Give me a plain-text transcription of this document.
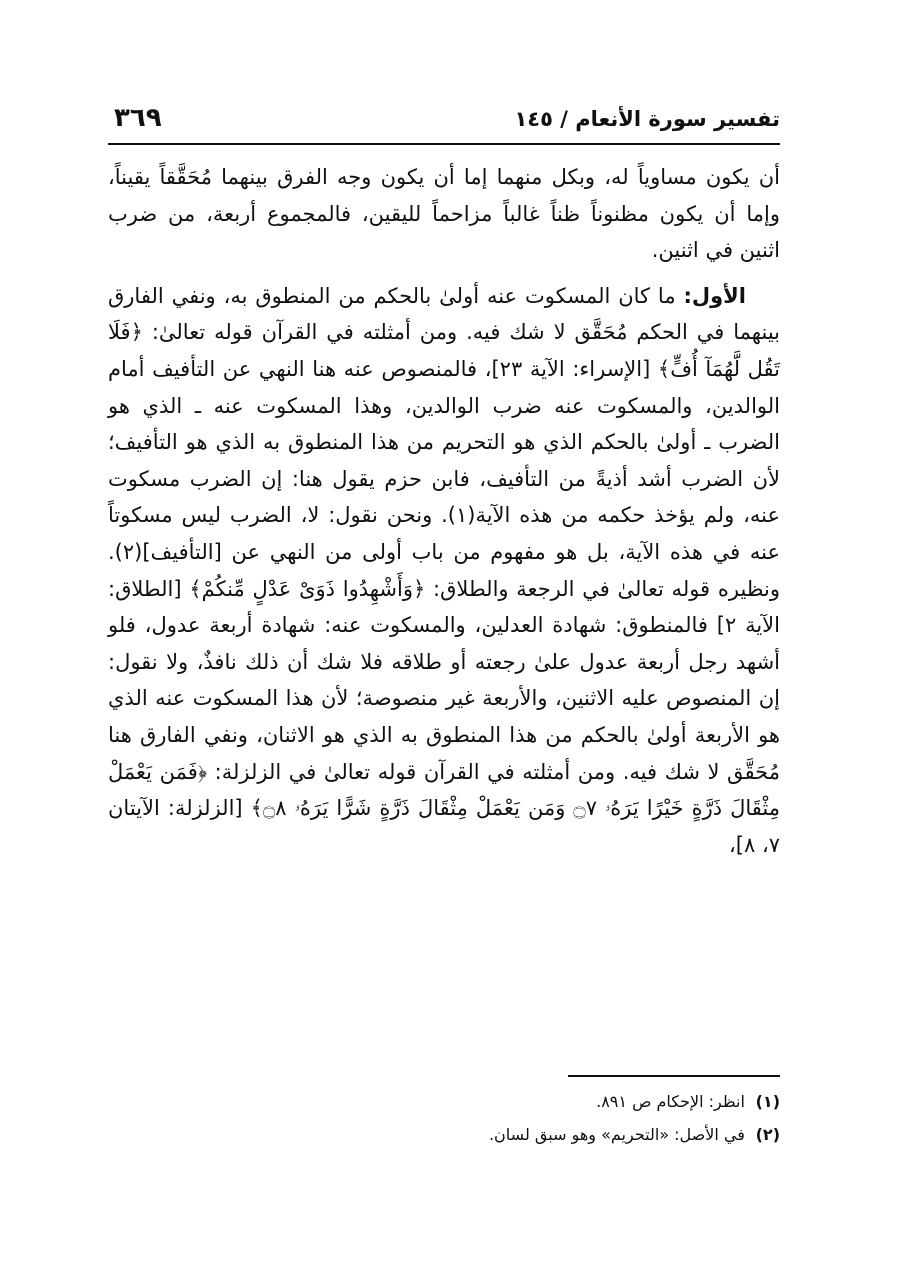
تفسير سورة الأنعام / ١٤٥
٣٦٩

أن يكون مساوياً له، وبكل منهما إما أن يكون وجه الفرق بينهما مُحَقَّقاً يقيناً، وإما أن يكون مظنوناً ظناً غالباً مزاحماً لليقين، فالمجموع أربعة، من ضرب اثنين في اثنين.

الأول: ما كان المسكوت عنه أولىٰ بالحكم من المنطوق به، ونفي الفارق بينهما في الحكم مُحَقَّق لا شك فيه. ومن أمثلته في القرآن قوله تعالىٰ: ﴿فَلَا تَقُل لَّهُمَآ أُفٍّ﴾ [الإسراء: الآية ٢٣]، فالمنصوص عنه هنا النهي عن التأفيف أمام الوالدين، والمسكوت عنه ضرب الوالدين، وهذا المسكوت عنه ـ الذي هو الضرب ـ أولىٰ بالحكم الذي هو التحريم من هذا المنطوق به الذي هو التأفيف؛ لأن الضرب أشد أذيةً من التأفيف، فابن حزم يقول هنا: إن الضرب مسكوت عنه، ولم يؤخذ حكمه من هذه الآية(١). ونحن نقول: لا، الضرب ليس مسكوتاً عنه في هذه الآية، بل هو مفهوم من باب أولى من النهي عن [التأفيف](٢). ونظيره قوله تعالىٰ في الرجعة والطلاق: ﴿وَأَشْهِدُوا ذَوَىْ عَدْلٍ مِّنكُمْ﴾ [الطلاق: الآية ٢] فالمنطوق: شهادة العدلين، والمسكوت عنه: شهادة أربعة عدول، فلو أشهد رجل أربعة عدول علىٰ رجعته أو طلاقه فلا شك أن ذلك نافذٌ، ولا نقول: إن المنصوص عليه الاثنين، والأربعة غير منصوصة؛ لأن هذا المسكوت عنه الذي هو الأربعة أولىٰ بالحكم من هذا المنطوق به الذي هو الاثنان، ونفي الفارق هنا مُحَقَّق لا شك فيه. ومن أمثلته في القرآن قوله تعالىٰ في الزلزلة: ﴿فَمَن يَعْمَلْ مِثْقَالَ ذَرَّةٍ خَيْرًا يَرَهُۥ ۝٧ وَمَن يَعْمَلْ مِثْقَالَ ذَرَّةٍ شَرًّا يَرَهُۥ ۝٨﴾ [الزلزلة: الآيتان ٧، ٨]،

(١) انظر: الإحكام ص ٨٩١.
(٢) في الأصل: «التحريم» وهو سبق لسان.
